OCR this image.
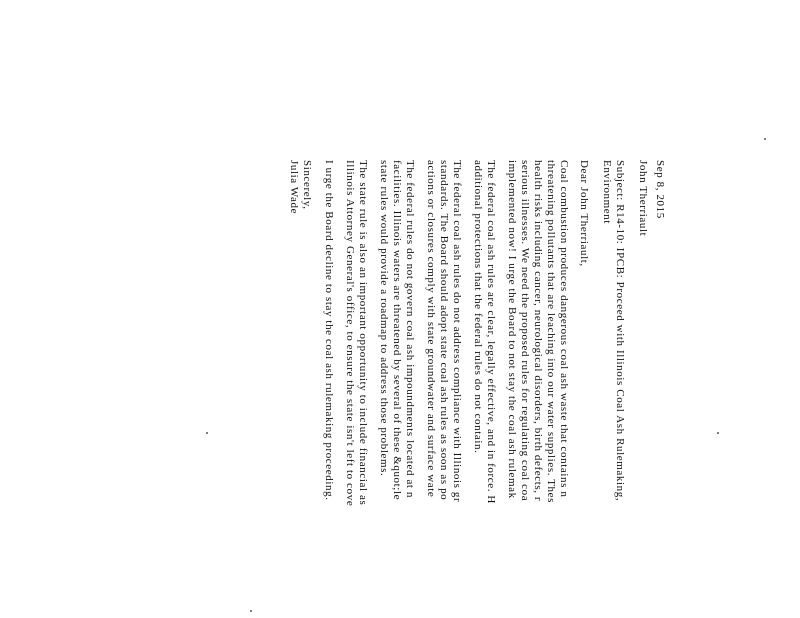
Sep 8, 2015
John Therriault
Subject: R14-10: IPCB: Proceed with Illinois Coal Ash Rulemaking,
Environment
Dear John Therriault,
Coal combustion produces dangerous coal ash waste that contains n
threatening pollutants that are leaching into our water supplies. Thes
health risks including cancer, neurological disorders, birth defects, r
serious illnesses. We need the proposed rules for regulating coal coa
implemented now! I urge the Board to not stay the coal ash rulemak
The federal coal ash rules are clear, legally effective, and in force. H
additional protections that the federal rules do not contain.
The federal coal ash rules do not address compliance with Illinois gr
standards. The Board should adopt state coal ash rules as soon as po
actions or closures comply with state groundwater and surface wate
The federal rules do not govern coal ash impoundments located at n
facilities. Illinois waters are threatened by several of these &quot;le
state rules would provide a roadmap to address those problems.
The state rule is also an important opportunity to include financial as
Illinois Attorney General's office, to ensure the state isn't left to cove
I urge the Board decline to stay the coal ash rulemaking proceeding.
Sincerely,
Julia Wade
